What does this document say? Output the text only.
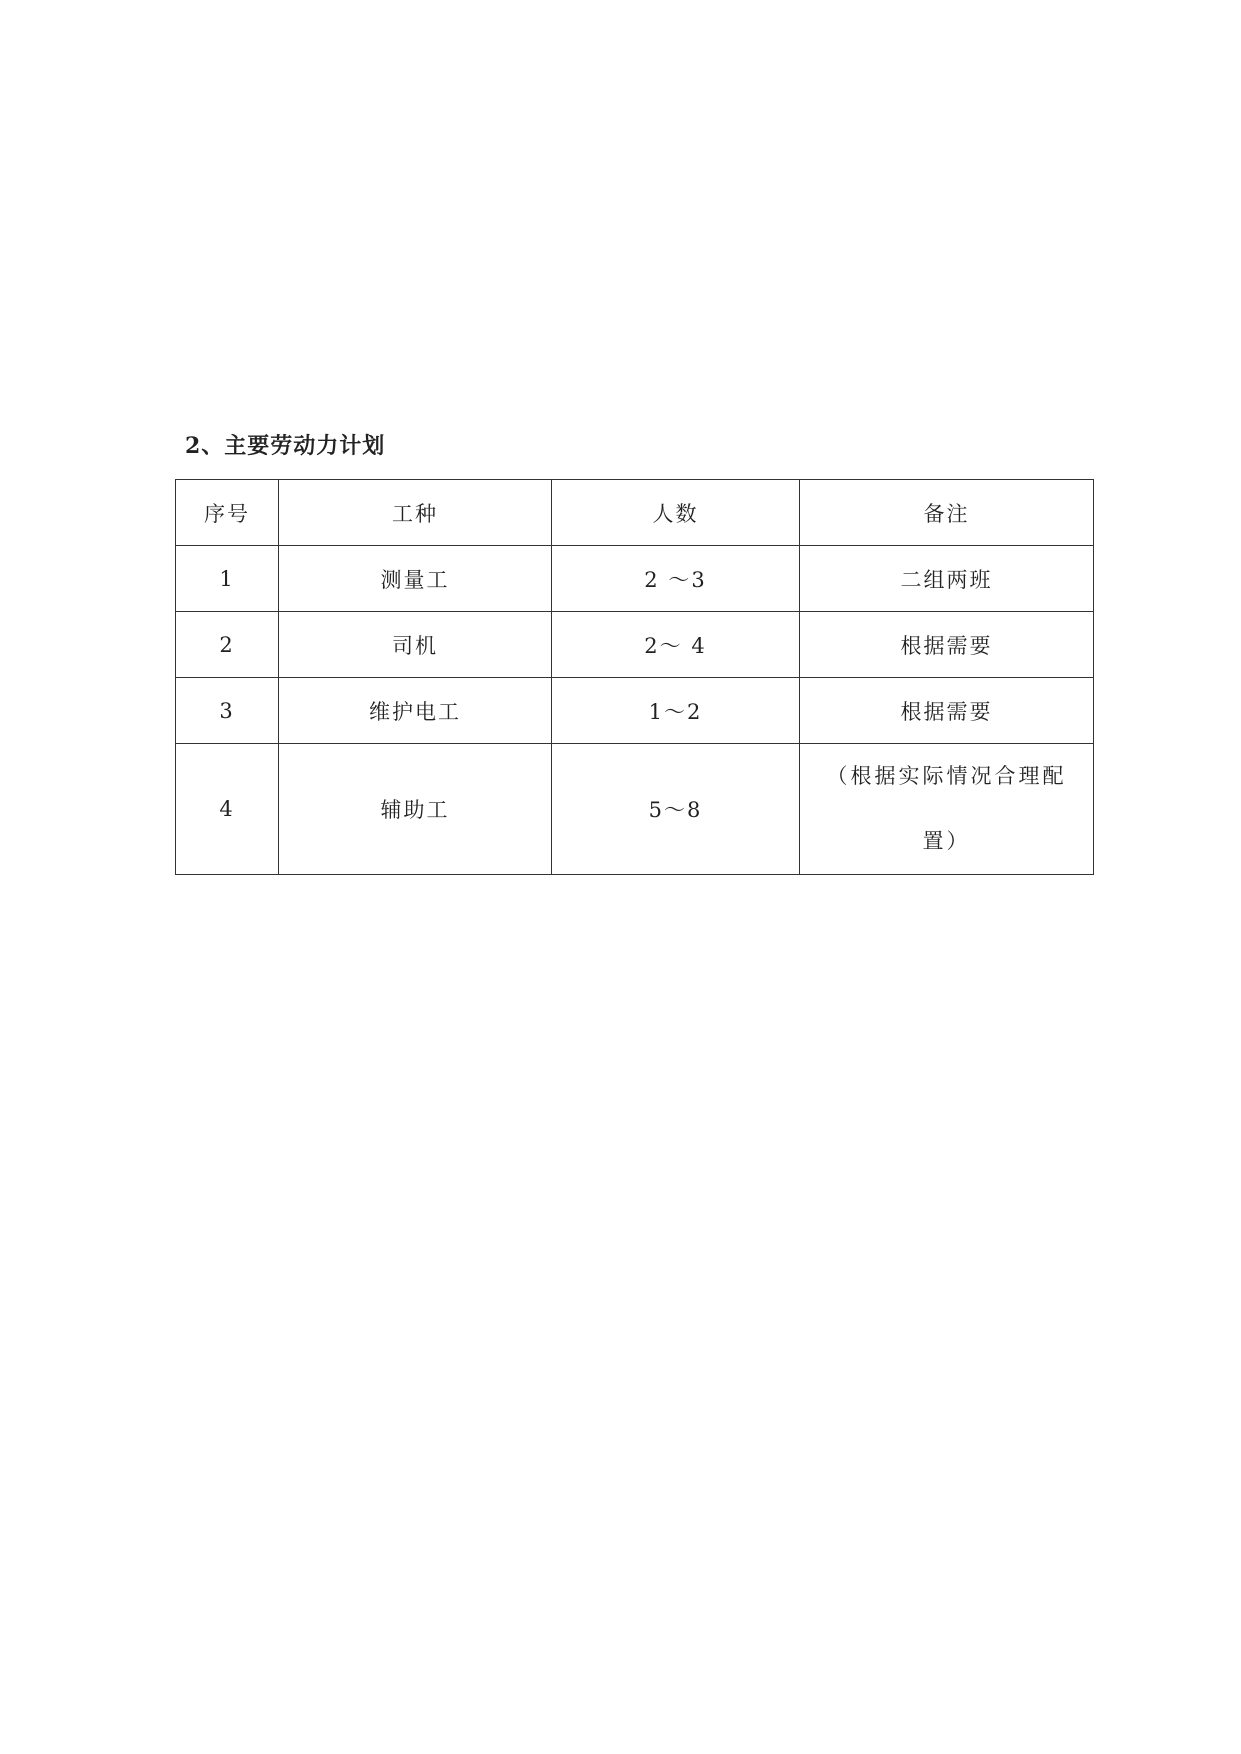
2、主要劳动力计划
序号	工种	人数	备注
1	测量工	2 ～3	二组两班
2	司机	2～ 4	根据需要
3	维护电工	1～2	根据需要
4	辅助工	5～8	（根据实际情况合理配置）
